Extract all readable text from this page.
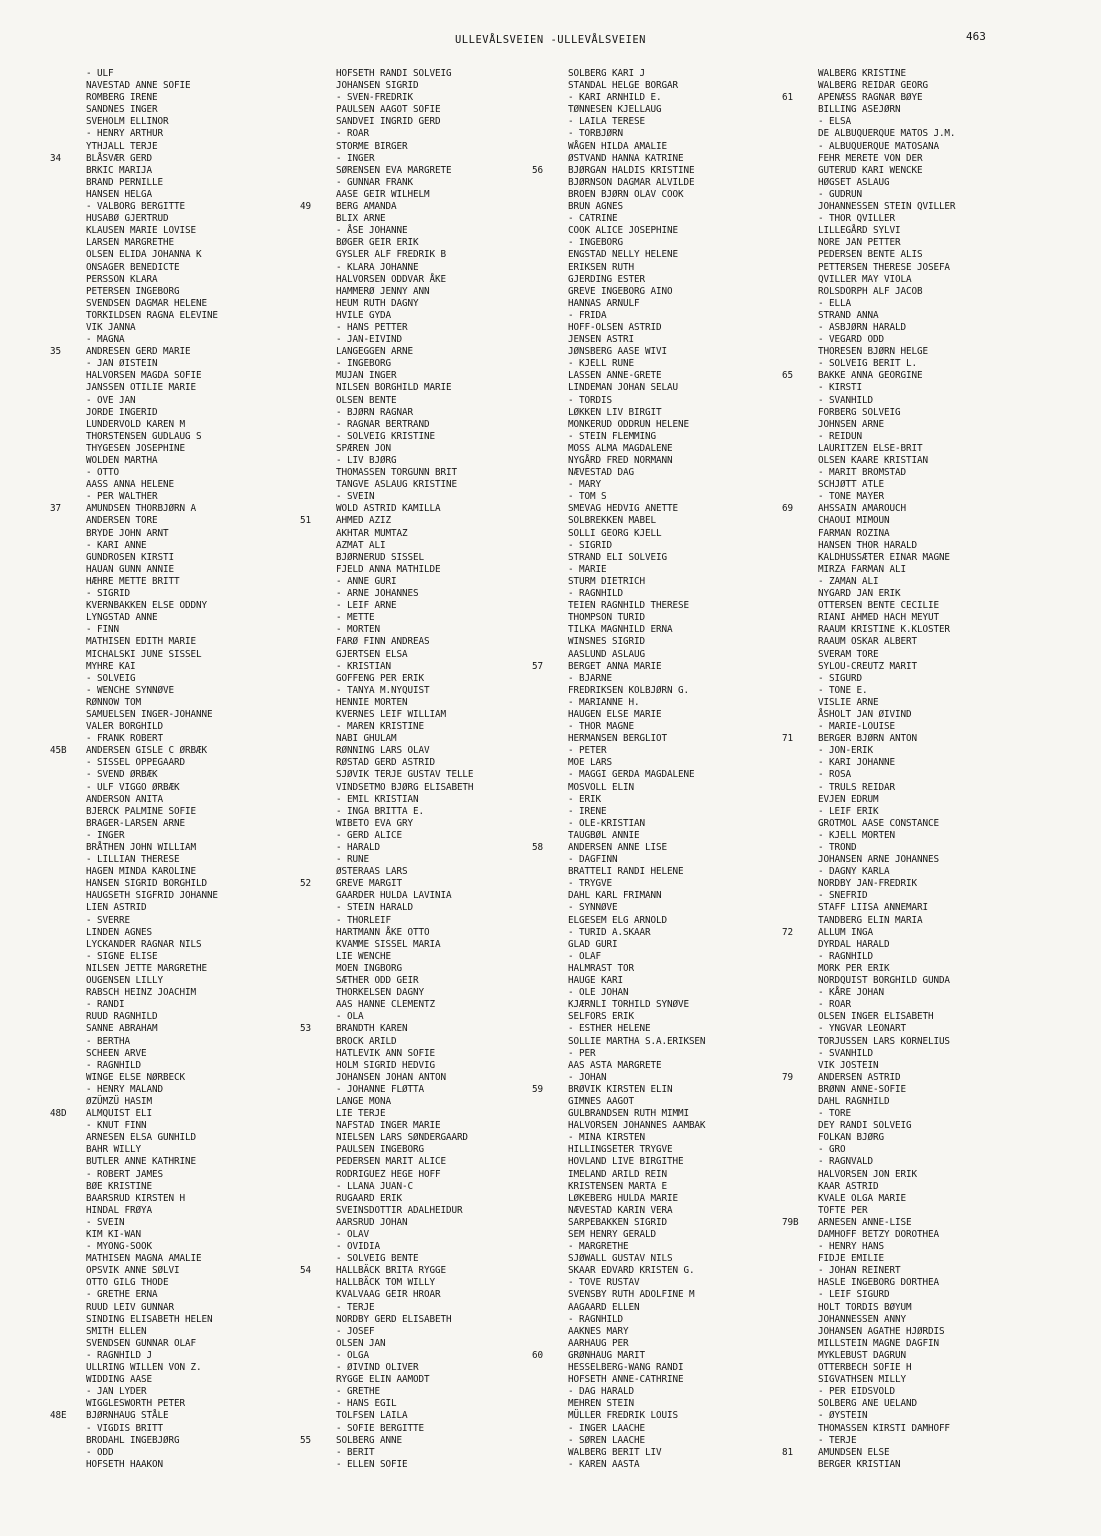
ULLEVÅLSVEIEN -ULLEVÅLSVEIEN	463
- ULF
NAVESTAD ANNE SOFIE
ROMBERG IRENE
SANDNES INGER
SVEHOLM ELLINOR
- HENRY ARTHUR
YTHJALL TERJE
34	BLÅSVÆR GERD
BRKIC MARIJA
BRAND PERNILLE
HANSEN HELGA
- VALBORG BERGITTE
HUSABØ GJERTRUD
KLAUSEN MARIE LOVISE
LARSEN MARGRETHE
OLSEN ELIDA JOHANNA K
ONSAGER BENEDICTE
PERSSON KLARA
PETERSEN INGEBORG
SVENDSEN DAGMAR HELENE
TORKILDSEN RAGNA ELEVINE
VIK JANNA
- MAGNA
35	ANDRESEN GERD MARIE
- JAN ØISTEIN
HALVORSEN MAGDA SOFIE
JANSSEN OTILIE MARIE
- OVE JAN
JORDE INGERID
LUNDERVOLD KAREN M
THORSTENSEN GUDLAUG S
THYGESEN JOSEPHINE
WOLDEN MARTHA
- OTTO
AASS ANNA HELENE
- PER WALTHER
37	AMUNDSEN THORBJØRN A
ANDERSEN TORE
BRYDE JOHN ARNT
- KARI ANNE
GUNDROSEN KIRSTI
HAUAN GUNN ANNIE
HÆHRE METTE BRITT
- SIGRID
KVERNBAKKEN ELSE ODDNY
LYNGSTAD ANNE
- FINN
MATHISEN EDITH MARIE
MICHALSKI JUNE SISSEL
MYHRE KAI
- SOLVEIG
- WENCHE SYNNØVE
RØNNOW TOM
SAMUELSEN INGER-JOHANNE
VALER BORGHILD
- FRANK ROBERT
45B	ANDERSEN GISLE C ØRBÆK
- SISSEL OPPEGAARD
- SVEND ØRBÆK
- ULF VIGGO ØRBÆK
ANDERSON ANITA
BJERCK PALMINE SOFIE
BRAGER-LARSEN ARNE
- INGER
BRÅTHEN JOHN WILLIAM
- LILLIAN THERESE
HAGEN MINDA KAROLINE
HANSEN SIGRID BORGHILD
HAUGSETH SIGFRID JOHANNE
LIEN ASTRID
- SVERRE
LINDEN AGNES
LYCKANDER RAGNAR NILS
- SIGNE ELISE
NILSEN JETTE MARGRETHE
OUGENSEN LILLY
RABSCH HEINZ JOACHIM
- RANDI
RUUD RAGNHILD
SANNE ABRAHAM
- BERTHA
SCHEEN ARVE
- RAGNHILD
WINGE ELSE NØRBECK
- HENRY MALAND
ØZÜMZÜ HASIM
48D	ALMQUIST ELI
- KNUT FINN
ARNESEN ELSA GUNHILD
BAHR WILLY
BUTLER ANNE KATHRINE
- ROBERT JAMES
BØE KRISTINE
BAARSRUD KIRSTEN H
HINDAL FRØYA
- SVEIN
KIM KI-WAN
- MYONG-SOOK
MATHISEN MAGNA AMALIE
OPSVIK ANNE SØLVI
OTTO GILG THODE
- GRETHE ERNA
RUUD LEIV GUNNAR
SINDING ELISABETH HELEN
SMITH ELLEN
SVENDSEN GUNNAR OLAF
- RAGNHILD J
ULLRING WILLEN VON Z.
WIDDING AASE
- JAN LYDER
WIGGLESWORTH PETER
48E	BJØRNHAUG STÅLE
- VIGDIS BRITT
BRODAHL INGEBJØRG
- ODD
HOFSETH HAAKON
HOFSETH RANDI SOLVEIG
JOHANSEN SIGRID
- SVEN-FREDRIK
PAULSEN AAGOT SOFIE
SANDVEI INGRID GERD
- ROAR
STORME BIRGER
- INGER
SØRENSEN EVA MARGRETE
- GUNNAR FRANK
AASE GEIR WILHELM
49	BERG AMANDA
BLIX ARNE
- ÅSE JOHANNE
BØGER GEIR ERIK
GYSLER ALF FREDRIK B
- KLARA JOHANNE
HALVORSEN ODDVAR ÅKE
HAMMERØ JENNY ANN
HEUM RUTH DAGNY
HVILE GYDA
- HANS PETTER
- JAN-EIVIND
LANGEGGEN ARNE
- INGEBORG
MUJAN INGER
NILSEN BORGHILD MARIE
OLSEN BENTE
- BJØRN RAGNAR
- RAGNAR BERTRAND
- SOLVEIG KRISTINE
SPÆREN JON
- LIV BJØRG
THOMASSEN TORGUNN BRIT
TANGVE ASLAUG KRISTINE
- SVEIN
WOLD ASTRID KAMILLA
51	AHMED AZIZ
AKHTAR MUMTAZ
AZMAT ALI
BJØRNERUD SISSEL
FJELD ANNA MATHILDE
- ANNE GURI
- ARNE JOHANNES
- LEIF ARNE
- METTE
- MORTEN
FARØ FINN ANDREAS
GJERTSEN ELSA
- KRISTIAN
GOFFENG PER ERIK
- TANYA M.NYQUIST
HENNIE MORTEN
KVERNES LEIF WILLIAM
- MAREN KRISTINE
NABI GHULAM
RØNNING LARS OLAV
RØSTAD GERD ASTRID
SJØVIK TERJE GUSTAV TELLE
VINDSETMO BJØRG ELISABETH
- EMIL KRISTIAN
- INGA BRITTA E.
WIBETO EVA GRY
- GERD ALICE
- HARALD
- RUNE
ØSTERAAS LARS
52	GREVE MARGIT
GAARDER HULDA LAVINIA
- STEIN HARALD
- THORLEIF
HARTMANN ÅKE OTTO
KVAMME SISSEL MARIA
LIE WENCHE
MOEN INGBORG
SÆTHER ODD GEIR
THORKELSEN DAGNY
AAS HANNE CLEMENTZ
- OLA
53	BRANDTH KAREN
BROCK ARILD
HATLEVIK ANN SOFIE
HOLM SIGRID HEDVIG
JOHANSEN JOHAN ANTON
- JOHANNE FLØTTA
LANGE MONA
LIE TERJE
NAFSTAD INGER MARIE
NIELSEN LARS SØNDERGAARD
PAULSEN INGEBORG
PEDERSEN MARIT ALICE
RODRIGUEZ HEGE HOFF
- LLANA JUAN-C
RUGAARD ERIK
SVEINSDOTTIR ADALHEIDUR
AARSRUD JOHAN
- OLAV
- OVIDIA
- SOLVEIG BENTE
54	HALLBÄCK BRITA RYGGE
HALLBÄCK TOM WILLY
KVALVAAG GEIR HROAR
- TERJE
NORDBY GERD ELISABETH
- JOSEF
OLSEN JAN
- OLGA
- ØIVIND OLIVER
RYGGE ELIN AAMODT
- GRETHE
- HANS EGIL
TOLFSEN LAILA
- SOFIE BERGITTE
55	SOLBERG ANNE
- BERIT
- ELLEN SOFIE
SOLBERG KARI J
STANDAL HELGE BORGAR
- KARI ARNHILD E.
TØNNESEN KJELLAUG
- LAILA TERESE
- TORBJØRN
WÅGEN HILDA AMALIE
ØSTVAND HANNA KATRINE
56	BJØRGAN HALDIS KRISTINE
BJØRNSON DAGMAR ALVILDE
BROEN BJØRN OLAV COOK
BRUN AGNES
- CATRINE
COOK ALICE JOSEPHINE
- INGEBORG
ENGSTAD NELLY HELENE
ERIKSEN RUTH
GJERDING ESTER
GREVE INGEBORG AINO
HANNAS ARNULF
- FRIDA
HOFF-OLSEN ASTRID
JENSEN ASTRI
JØNSBERG AASE WIVI
- KJELL RUNE
LASSEN ANNE-GRETE
LINDEMAN JOHAN SELAU
- TORDIS
LØKKEN LIV BIRGIT
MONKERUD ODDRUN HELENE
- STEIN FLEMMING
MOSS ALMA MAGDALENE
NYGÅRD FRED NORMANN
NÆVESTAD DAG
- MARY
- TOM S
SMEVAG HEDVIG ANETTE
SOLBREKKEN MABEL
SOLLI GEORG KJELL
- SIGRID
STRAND ELI SOLVEIG
- MARIE
STURM DIETRICH
- RAGNHILD
TEIEN RAGNHILD THERESE
THOMPSON TURID
TILKA MAGNHILD ERNA
WINSNES SIGRID
AASLUND ASLAUG
57	BERGET ANNA MARIE
- BJARNE
FREDRIKSEN KOLBJØRN G.
- MARIANNE H.
HAUGEN ELSE MARIE
- THOR MAGNE
HERMANSEN BERGLIOT
- PETER
MOE LARS
- MAGGI GERDA MAGDALENE
MOSVOLL ELIN
- ERIK
- IRENE
- OLE-KRISTIAN
TAUGBØL ANNIE
58	ANDERSEN ANNE LISE
- DAGFINN
BRATTELI RANDI HELENE
- TRYGVE
DAHL KARL FRIMANN
- SYNNØVE
ELGESEM ELG ARNOLD
- TURID A.SKAAR
GLAD GURI
- OLAF
HALMRAST TOR
HAUGE KARI
- OLE JOHAN
KJÆRNLI TORHILD SYNØVE
SELFORS ERIK
- ESTHER HELENE
SOLLIE MARTHA S.A.ERIKSEN
- PER
AAS ASTA MARGRETE
- JOHAN
59	BRØVIK KIRSTEN ELIN
GIMNES AAGOT
GULBRANDSEN RUTH MIMMI
HALVORSEN JOHANNES AAMBAK
- MINA KIRSTEN
HILLINGSETER TRYGVE
HOVLAND LIVE BIRGITHE
IMELAND ARILD REIN
KRISTENSEN MARTA E
LØKEBERG HULDA MARIE
NÆVESTAD KARIN VERA
SARPEBAKKEN SIGRID
SEM HENRY GERALD
- MARGRETHE
SJØWALL GUSTAV NILS
SKAAR EDVARD KRISTEN G.
- TOVE RUSTAV
SVENSBY RUTH ADOLFINE M
AAGAARD ELLEN
- RAGNHILD
AAKNES MARY
AARHAUG PER
60	GRØNHAUG MARIT
HESSELBERG-WANG RANDI
HOFSETH ANNE-CATHRINE
- DAG HARALD
MEHREN STEIN
MÜLLER FREDRIK LOUIS
- INGER LAACHE
- SØREN LAACHE
WALBERG BERIT LIV
- KAREN AASTA
WALBERG KRISTINE
WALBERG REIDAR GEORG
61	APENÆSS RAGNAR BØYE
BILLING ASEJØRN
- ELSA
DE ALBUQUERQUE MATOS J.M.
- ALBUQUERQUE MATOSANA
FEHR MERETE VON DER
GUTERUD KARI WENCKE
HØGSET ASLAUG
- GUDRUN
JOHANNESSEN STEIN QVILLER
- THOR QVILLER
LILLEGÅRD SYLVI
NORE JAN PETTER
PEDERSEN BENTE ALIS
PETTERSEN THERESE JOSEFA
QVILLER MAY VIOLA
ROLSDORPH ALF JACOB
- ELLA
STRAND ANNA
- ASBJØRN HARALD
- VEGARD ODD
THORESEN BJØRN HELGE
- SOLVEIG BERIT L.
65	BAKKE ANNA GEORGINE
- KIRSTI
- SVANHILD
FORBERG SOLVEIG
JOHNSEN ARNE
- REIDUN
LAURITZEN ELSE-BRIT
OLSEN KAARE KRISTIAN
- MARIT BROMSTAD
SCHJØTT ATLE
- TONE MAYER
69	AHSSAIN AMAROUCH
CHAOUI MIMOUN
FARMAN ROZINA
HANSEN THOR HARALD
KALDHUSSÆTER EINAR MAGNE
MIRZA FARMAN ALI
- ZAMAN ALI
NYGARD JAN ERIK
OTTERSEN BENTE CECILIE
RIANI AHMED HACH MEYUT
RAAUM KRISTINE K.KLOSTER
RAAUM OSKAR ALBERT
SVERAM TORE
SYLOU-CREUTZ MARIT
- SIGURD
- TONE E.
VISLIE ARNE
ÅSHOLT JAN ØIVIND
- MARIE-LOUISE
71	BERGER BJØRN ANTON
- JON-ERIK
- KARI JOHANNE
- ROSA
- TRULS REIDAR
EVJEN EDRUM
- LEIF ERIK
GROTMOL AASE CONSTANCE
- KJELL MORTEN
- TROND
JOHANSEN ARNE JOHANNES
- DAGNY KARLA
NORDBY JAN-FREDRIK
- SNEFRID
STAFF LIISA ANNEMARI
TANDBERG ELIN MARIA
72	ALLUM INGA
DYRDAL HARALD
- RAGNHILD
MORK PER ERIK
NORDQUIST BORGHILD GUNDA
- KÅRE JOHAN
- ROAR
OLSEN INGER ELISABETH
- YNGVAR LEONART
TORJUSSEN LARS KORNELIUS
- SVANHILD
VIK JOSTEIN
79	ANDERSEN ASTRID
BRØNN ANNE-SOFIE
DAHL RAGNHILD
- TORE
DEY RANDI SOLVEIG
FOLKAN BJØRG
- GRO
- RAGNVALD
HALVORSEN JON ERIK
KAAR ASTRID
KVALE OLGA MARIE
TOFTE PER
79B	ARNESEN ANNE-LISE
DAMHOFF BETZY DOROTHEA
- HENRY HANS
FIDJE EMILIE
- JOHAN REINERT
HASLE INGEBORG DORTHEA
- LEIF SIGURD
HOLT TORDIS BØYUM
JOHANNESSEN ANNY
JOHANSEN AGATHE HJØRDIS
MILLSTEIN MAGNE DAGFIN
MYKLEBUST DAGRUN
OTTERBECH SOFIE H
SIGVATHSEN MILLY
- PER EIDSVOLD
SOLBERG ANE UELAND
- ØYSTEIN
THOMASSEN KIRSTI DAMHOFF
- TERJE
81	AMUNDSEN ELSE
BERGER KRISTIAN
